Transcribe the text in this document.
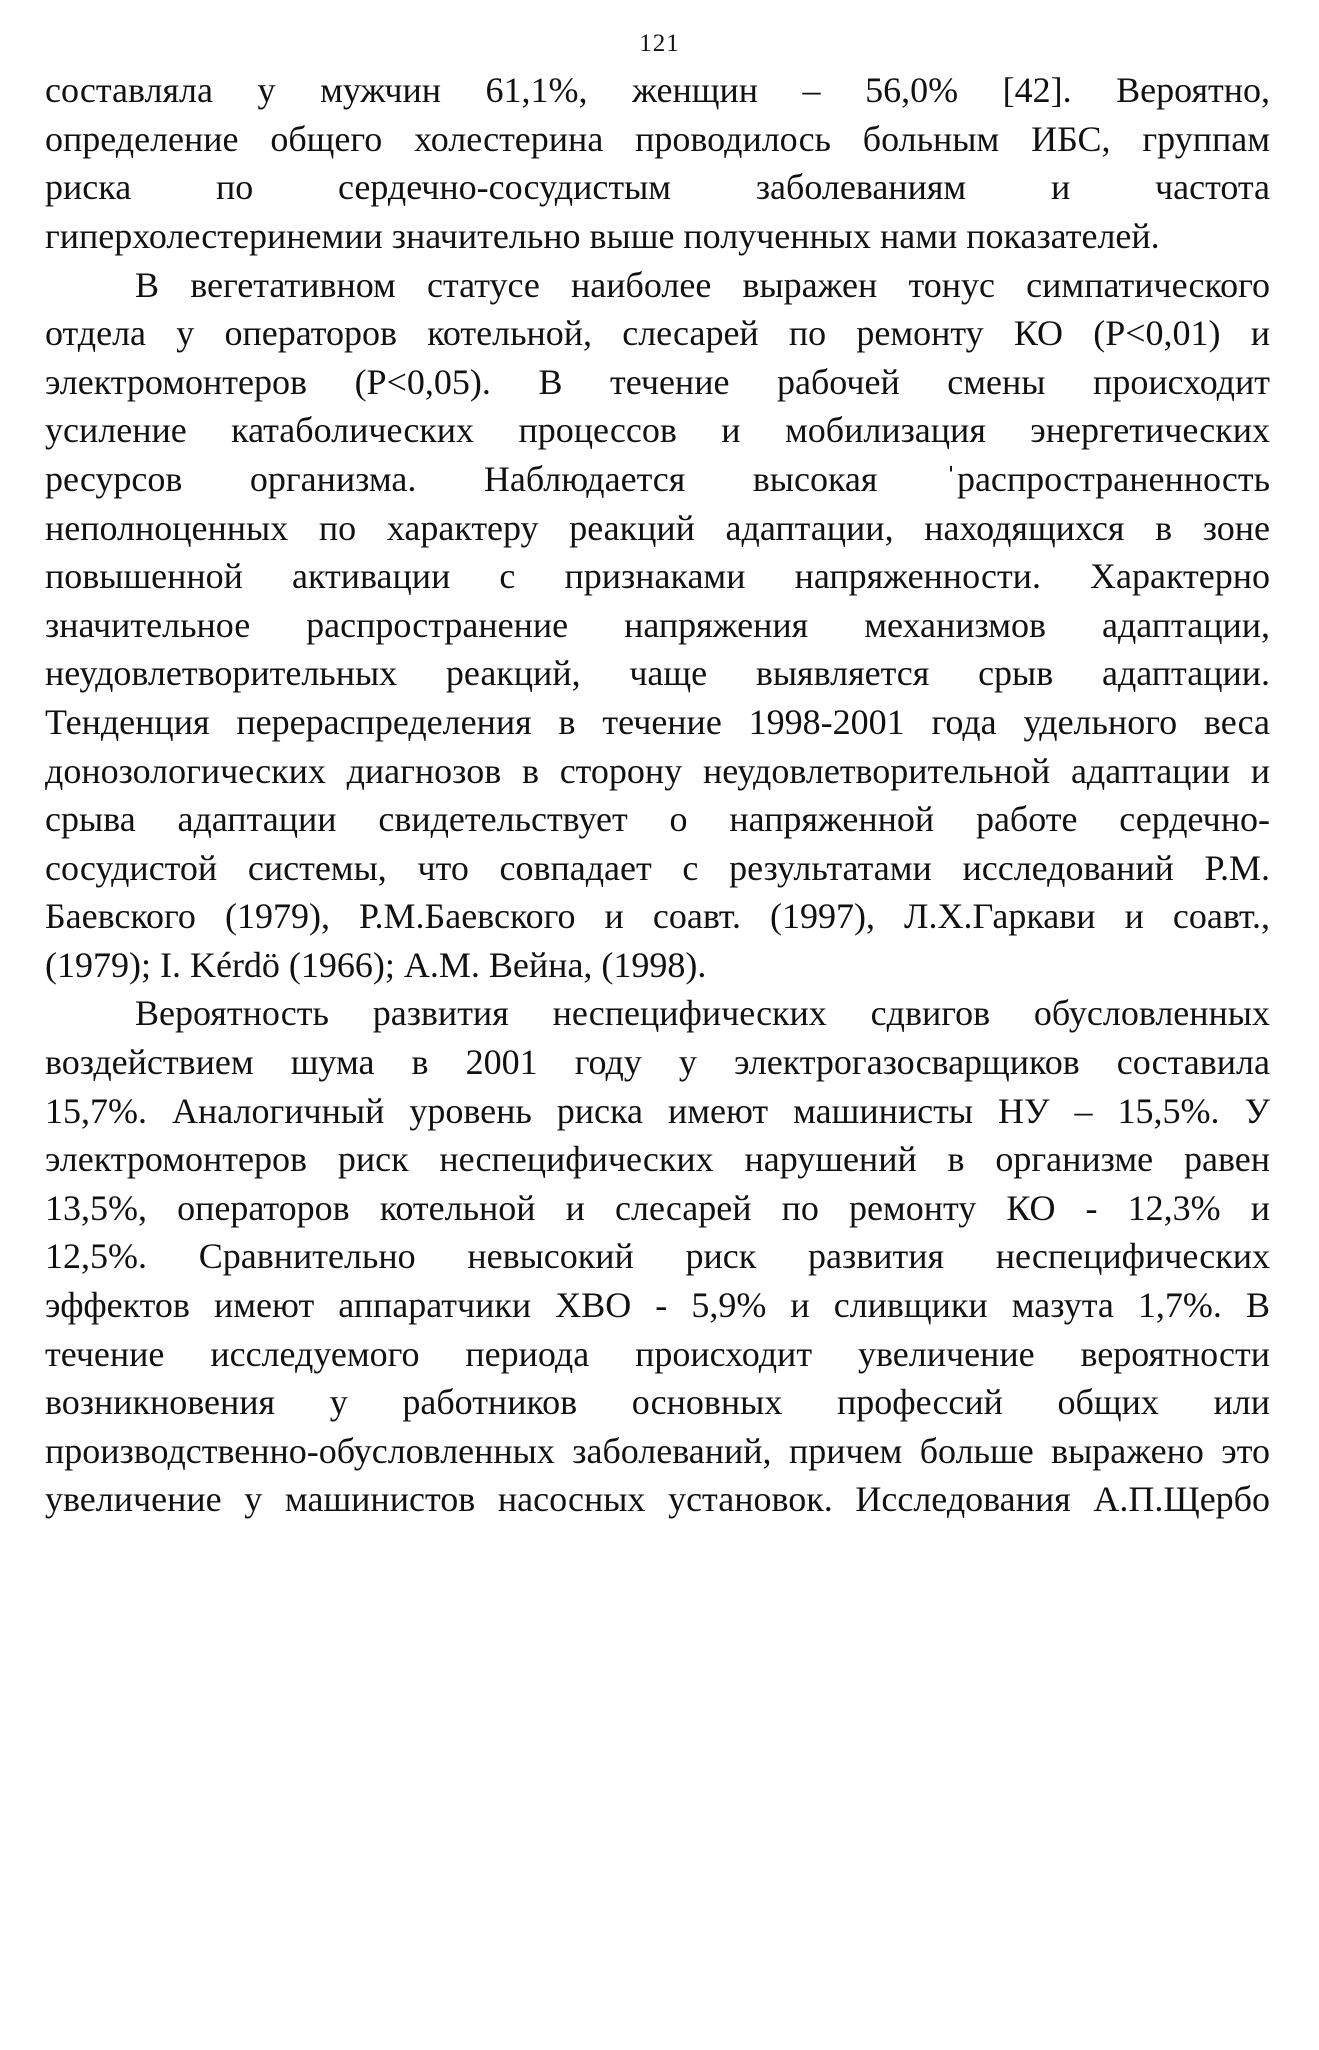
121
составляла у мужчин 61,1%, женщин – 56,0% [42]. Вероятно,
определение общего холестерина проводилось больным ИБС, группам
риска по сердечно-сосудистым заболеваниям и частота
гиперхолестеринемии значительно выше полученных нами показателей.
В вегетативном статусе наиболее выражен тонус симпатического
отдела у операторов котельной, слесарей по ремонту КО (Р<0,01) и
электромонтеров (Р<0,05). В течение рабочей смены происходит
усиление катаболических процессов и мобилизация энергетических
ресурсов организма. Наблюдается высокая ˈраспространенность
неполноценных по характеру реакций адаптации, находящихся в зоне
повышенной активации с признаками напряженности. Характерно
значительное распространение напряжения механизмов адаптации,
неудовлетворительных реакций, чаще выявляется срыв адаптации.
Тенденция перераспределения в течение 1998-2001 года удельного веса
донозологических диагнозов в сторону неудовлетворительной адаптации и
срыва адаптации свидетельствует о напряженной работе сердечно-
сосудистой системы, что совпадает с результатами исследований Р.М.
Баевского (1979), Р.М.Баевского и соавт. (1997), Л.Х.Гаркави и соавт.,
(1979); I. Kérdö (1966); А.М. Вейна, (1998).
Вероятность развития неспецифических сдвигов обусловленных
воздействием шума в 2001 году у электрогазосварщиков составила
15,7%. Аналогичный уровень риска имеют машинисты НУ – 15,5%. У
электромонтеров риск неспецифических нарушений в организме равен
13,5%, операторов котельной и слесарей по ремонту КО - 12,3% и
12,5%. Сравнительно невысокий риск развития неспецифических
эффектов имеют аппаратчики ХВО - 5,9% и сливщики мазута 1,7%. В
течение исследуемого периода происходит увеличение вероятности
возникновения у работников основных профессий общих или
производственно-обусловленных заболеваний, причем больше выражено это
увеличение у машинистов насосных установок. Исследования А.П.Щербо
